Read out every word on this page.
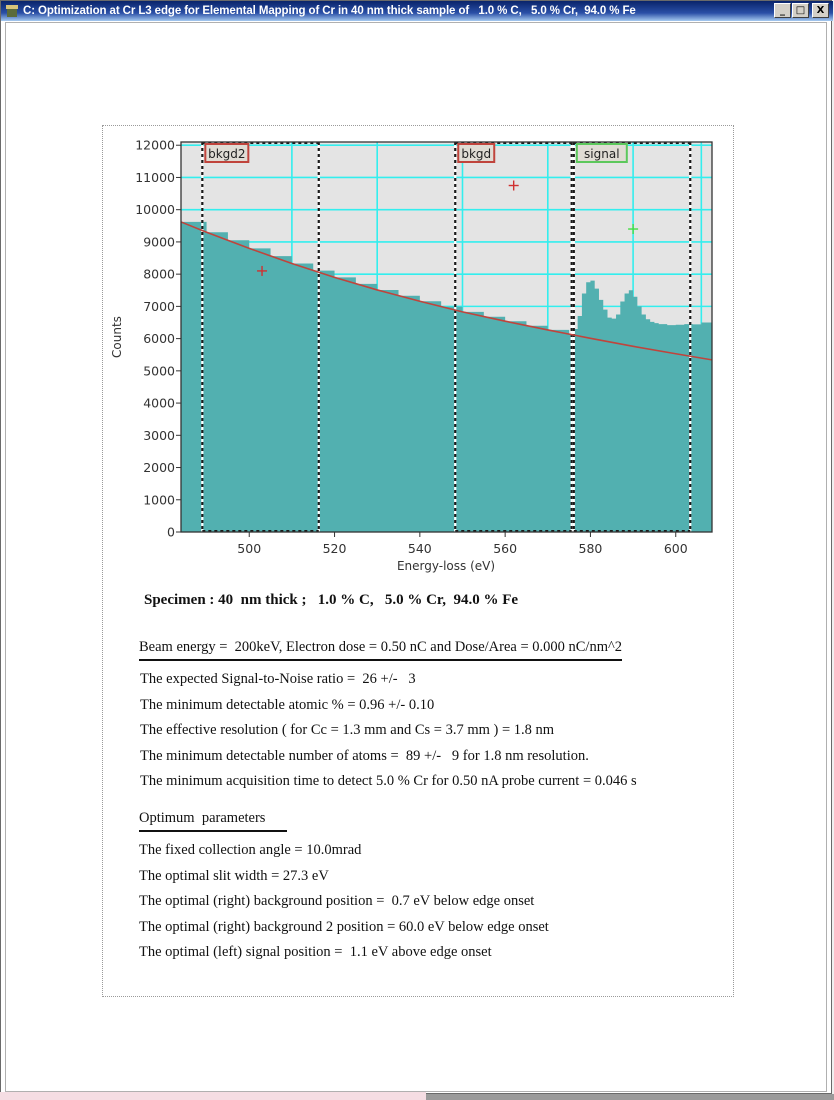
C: Optimization at Cr L3 edge for Elemental Mapping of Cr in 40 nm thick sample of   1.0 % C,   5.0 % Cr,  94.0 % Fe	_	□	X
bkgd2	bkgd	signal
0
1000
2000
3000
4000
5000
6000
7000
8000
9000
10000
11000
12000
500	520	540	560	580	600
Energy-loss (eV)
Counts
Specimen : 40  nm thick ;   1.0 % C,   5.0 % Cr,  94.0 % Fe
Beam energy =  200keV, Electron dose = 0.50 nC and Dose/Area = 0.000 nC/nm^2
The expected Signal-to-Noise ratio =  26 +/-   3
The minimum detectable atomic % = 0.96 +/- 0.10
The effective resolution ( for Cc = 1.3 mm and Cs = 3.7 mm ) = 1.8 nm
The minimum detectable number of atoms =  89 +/-   9 for 1.8 nm resolution.
The minimum acquisition time to detect 5.0 % Cr for 0.50 nA probe current = 0.046 s
Optimum  parameters
The fixed collection angle = 10.0mrad
The optimal slit width = 27.3 eV
The optimal (right) background position =  0.7 eV below edge onset
The optimal (right) background 2 position = 60.0 eV below edge onset
The optimal (left) signal position =  1.1 eV above edge onset
